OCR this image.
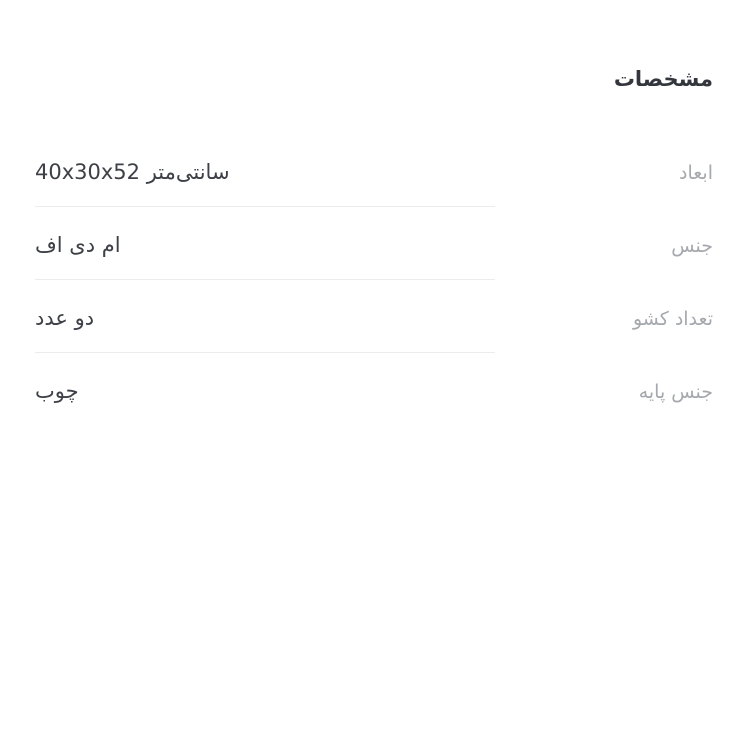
مشخصات
ابعاد
40x30x52 سانتی‌متر
جنس
ام دی اف
تعداد کشو
دو عدد
جنس پایه
چوب
